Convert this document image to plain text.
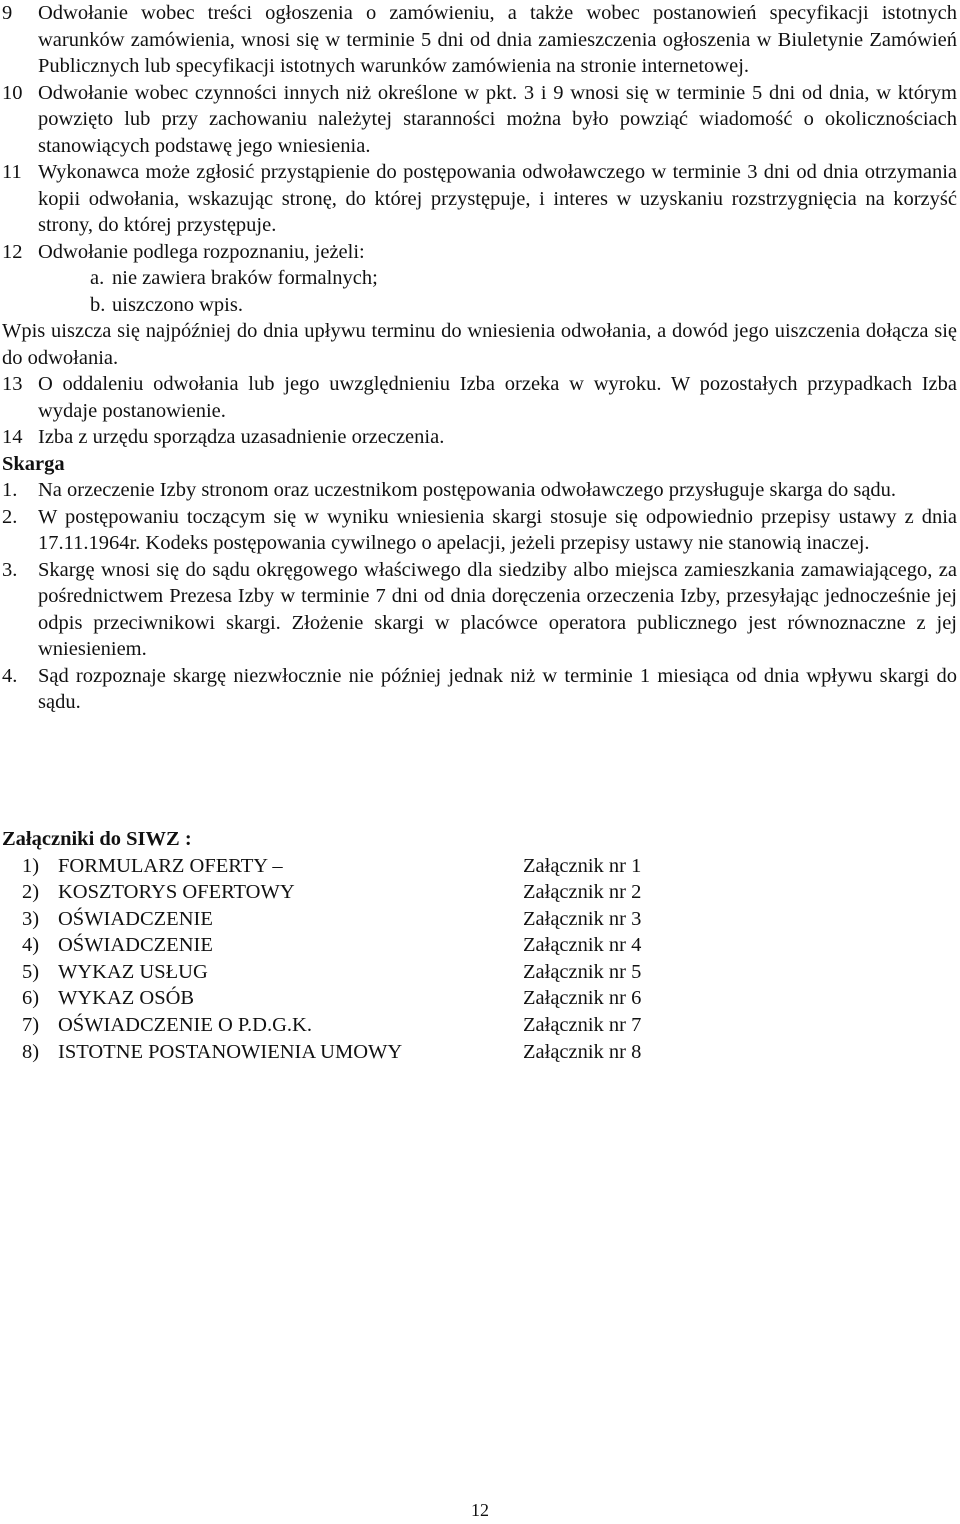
9	Odwołanie wobec treści ogłoszenia o zamówieniu, a także wobec postanowień specyfikacji istotnych warunków zamówienia, wnosi się w terminie 5 dni od dnia zamieszczenia ogłoszenia w Biuletynie Zamówień Publicznych lub specyfikacji istotnych warunków zamówienia na stronie internetowej.
10 Odwołanie wobec czynności innych niż określone w pkt. 3 i 9 wnosi się w terminie 5 dni od dnia, w którym powzięto lub przy zachowaniu należytej staranności można było powziąć wiadomość o okolicznościach stanowiących podstawę jego wniesienia.
11 Wykonawca może zgłosić przystąpienie do postępowania odwoławczego w terminie 3 dni od dnia otrzymania kopii odwołania, wskazując stronę, do której przystępuje, i interes w uzyskaniu rozstrzygnięcia na korzyść strony, do której przystępuje.
12 Odwołanie podlega rozpoznaniu, jeżeli:
a. nie zawiera braków formalnych;
b. uiszczono wpis.

Wpis uiszcza się najpóźniej do dnia upływu terminu do wniesienia odwołania, a dowód jego uiszczenia dołącza się do odwołania.

13 O oddaleniu odwołania lub jego uwzględnieniu Izba orzeka w wyroku. W pozostałych przypadkach Izba wydaje postanowienie.
14 Izba z urzędu sporządza uzasadnienie orzeczenia.

Skarga

1.	Na orzeczenie Izby stronom oraz uczestnikom postępowania odwoławczego przysługuje skarga do sądu.
2.	W postępowaniu toczącym się w wyniku wniesienia skargi stosuje się odpowiednio przepisy ustawy z dnia 17.11.1964r. Kodeks postępowania cywilnego o apelacji, jeżeli przepisy ustawy nie stanowią inaczej.
3.	Skargę wnosi się do sądu okręgowego właściwego dla siedziby albo miejsca zamieszkania zamawiającego, za pośrednictwem Prezesa Izby w terminie 7 dni od dnia doręczenia orzeczenia Izby, przesyłając jednocześnie jej odpis przeciwnikowi skargi. Złożenie skargi w placówce operatora publicznego jest równoznaczne z jej wniesieniem.
4.	Sąd rozpoznaje skargę niezwłocznie nie później jednak niż w terminie 1 miesiąca od dnia wpływu skargi do sądu.

Załączniki do SIWZ :

1) FORMULARZ OFERTY –	Załącznik nr 1
2) KOSZTORYS OFERTOWY	Załącznik nr 2
3) OŚWIADCZENIE	Załącznik nr 3
4) OŚWIADCZENIE	Załącznik nr 4
5) WYKAZ USŁUG	Załącznik nr 5
6) WYKAZ OSÓB	Załącznik nr 6
7) OŚWIADCZENIE O P.D.G.K.	Załącznik nr 7
8) ISTOTNE POSTANOWIENIA UMOWY	Załącznik nr 8
12
